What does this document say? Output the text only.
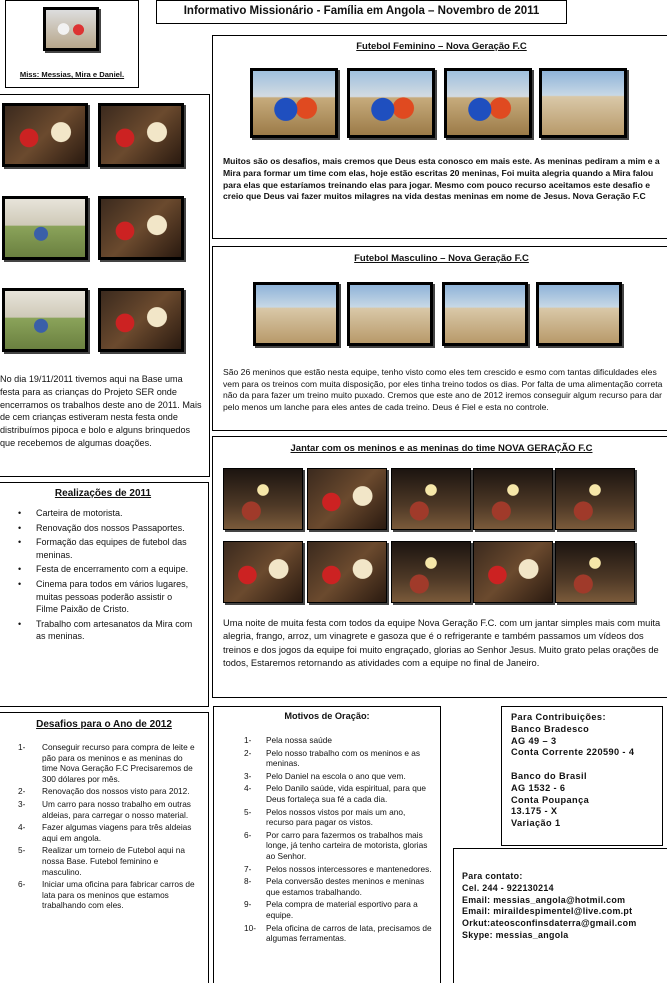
Informativo Missionário - Família em Angola – Novembro de 2011
Miss: Messias, Mira e Daniel.
No dia 19/11/2011 tivemos aqui na Base uma festa para as crianças do Projeto SER onde encerramos os trabalhos deste ano de 2011. Mais de cem crianças estiveram nesta festa onde distribuímos pipoca e bolo e alguns brinquedos que recebemos de algumas doações.
Realizações de 2011
• Carteira de motorista.
• Renovação dos nossos Passaportes.
• Formação das equipes de futebol das meninas.
• Festa de encerramento com a equipe.
• Cinema para todos em vários lugares, muitas pessoas poderão assistir o Filme Paixão de Cristo.
• Trabalho com artesanatos da Mira com as meninas.
Desafios para o Ano de 2012
1- Conseguir recurso para compra de leite e pão para os meninos e as meninas do time Nova Geração F.C Precisaremos de 300 dólares por mês.
2- Renovação dos nossos visto para 2012.
3- Um carro para nosso trabalho em outras aldeias, para carregar o nosso material.
4- Fazer algumas viagens para três aldeias aqui em angola.
5- Realizar um torneio de Futebol aqui na nossa Base. Futebol feminino e masculino.
6- Iniciar uma oficina para fabricar carros de lata para os meninos que estamos trabalhando com eles.
Futebol Feminino – Nova Geração F.C
Muitos são os desafios, mais cremos que Deus esta conosco em mais este. As meninas pediram a mim e a Mira para formar um time com elas, hoje estão escritas 20 meninas, Foi muita alegria quando a Mira falou para elas que estaríamos treinando elas para jogar. Mesmo com pouco recurso aceitamos este desafio e creio que Deus vai fazer muitos milagres na vida destas meninas em nome de Jesus. Nova Geração F.C
Futebol Masculino – Nova Geração F.C
São 26 meninos que estão nesta equipe, tenho visto como eles tem crescido e esmo com tantas dificuldades eles vem para os treinos com muita disposição, por eles tinha treino todos os dias. Por falta de uma alimentação correta não da para fazer um treino muito puxado. Cremos que este ano de 2012 iremos conseguir algum recurso para dar pelo menos um lanche para eles antes de cada treino. Deus é Fiel e esta no controle.
Jantar com os meninos e as meninas do time NOVA GERAÇÃO F.C
Uma noite de muita festa com todos da equipe Nova Geração F.C. com um jantar simples mais com muita alegria, frango, arroz, um vinagrete e gasoza que é o refrigerante e também passamos um vídeos dos treinos e dos jogos da equipe foi muito engraçado, glorias ao Senhor Jesus. Muito grato pelas orações de todos, Estaremos retornando as atividades com a equipe no final de Janeiro.
Motivos de Oração:
1- Pela nossa saúde
2- Pelo nosso trabalho com os meninos e as meninas.
3- Pelo Daniel na escola o ano que vem.
4- Pelo Danilo saúde, vida espiritual, para que Deus fortaleça sua fé a cada dia.
5- Pelos nossos vistos por mais um ano, recurso para pagar os vistos.
6- Por carro para fazermos os trabalhos mais longe, já tenho carteira de motorista, glorias ao Senhor.
7- Pelos nossos intercessores e mantenedores.
8- Pela conversão destes meninos e meninas que estamos trabalhando.
9- Pela compra de material esportivo para a equipe.
10- Pela oficina de carros de lata, precisamos de algumas ferramentas.
Para Contribuições:
Banco Bradesco
AG 49 – 3
Conta Corrente 220590 - 4
Banco do Brasil
AG 1532 - 6
Conta Poupança
13.175 - X
Variação 1
Para contato:
Cel. 244 - 922130214
Email: messias_angola@hotmil.com
Email: miraildespimentel@live.com.pt
Orkut:ateosconfinsdaterra@gmail.com
Skype: messias_angola
